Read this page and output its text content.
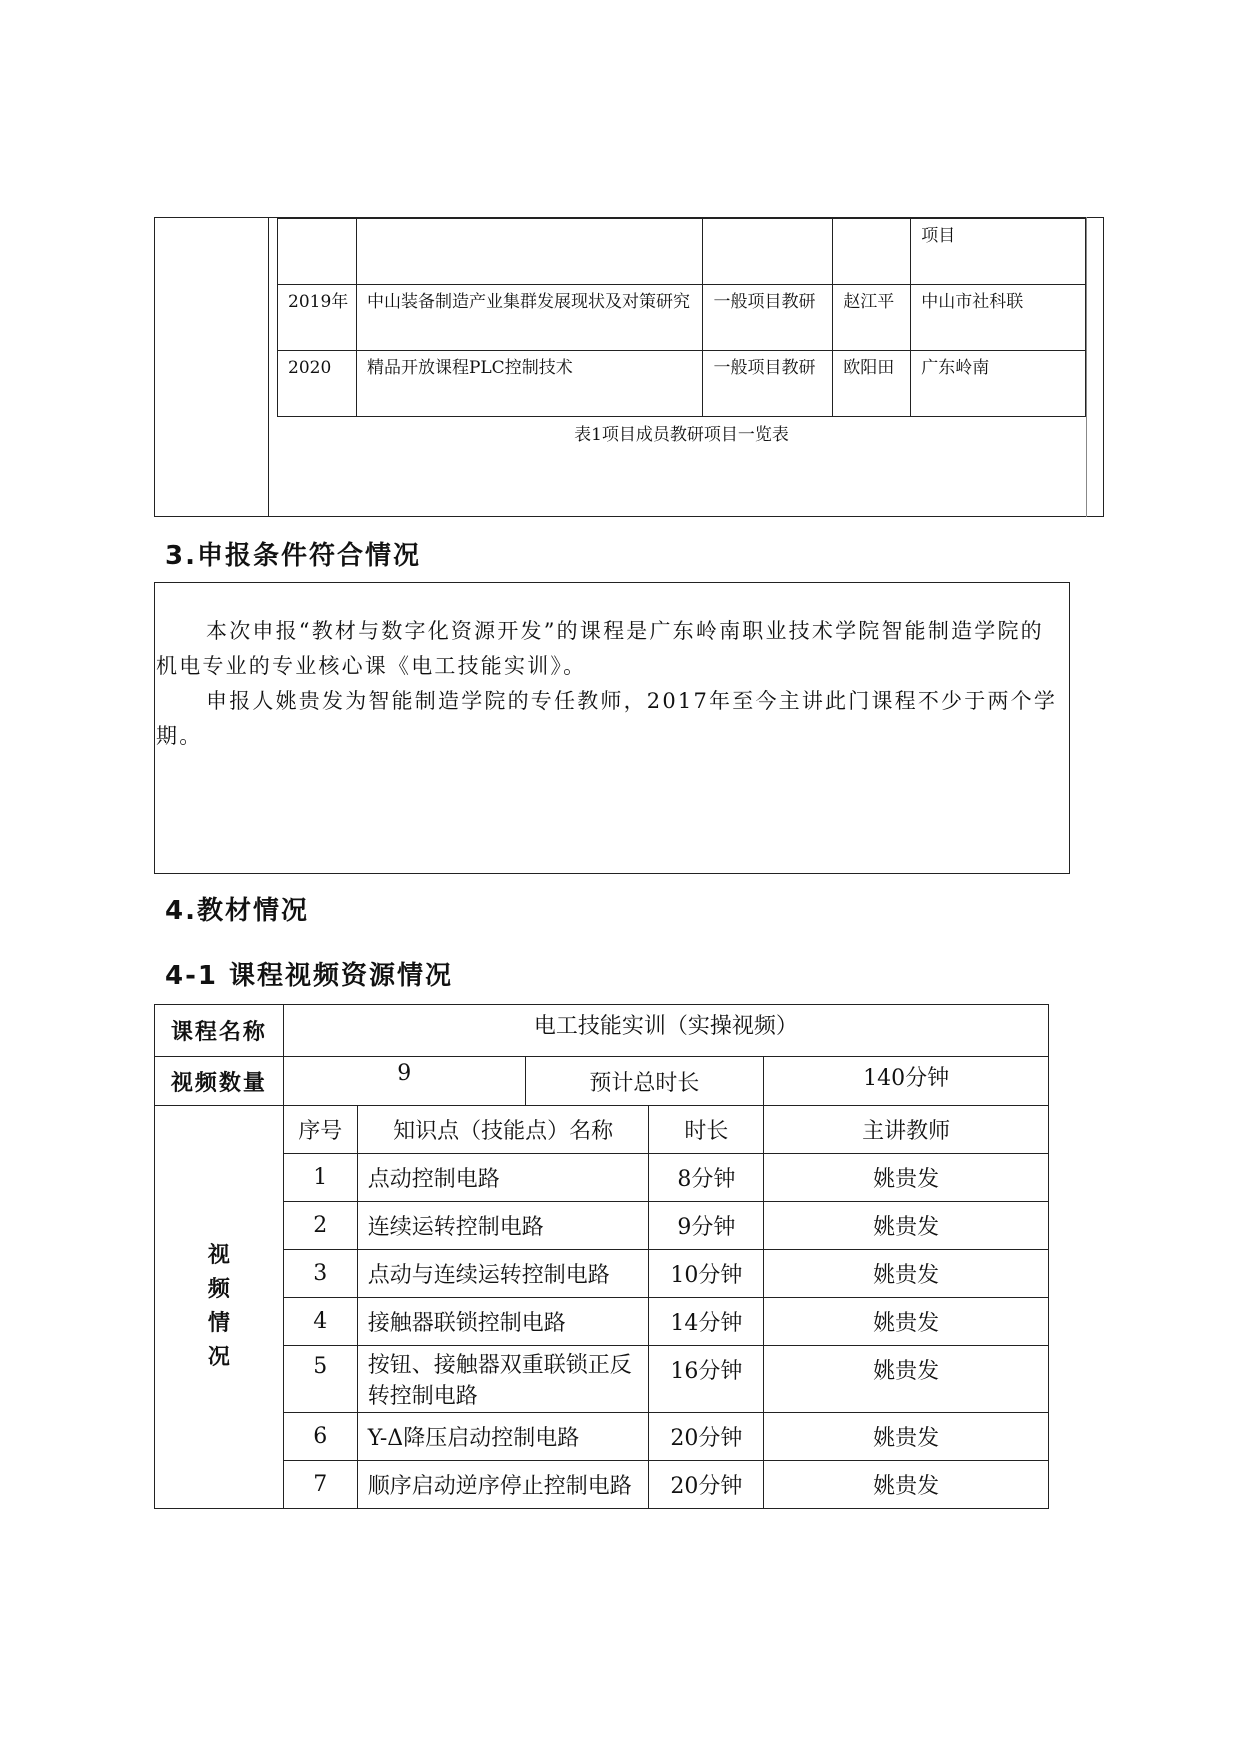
				项目
2019年	中山装备制造产业集群发展现状及对策研究	一般项目教研	赵江平	中山市社科联
2020	精品开放课程PLC控制技术	一般项目教研	欧阳田	广东岭南
表1项目成员教研项目一览表
3.申报条件符合情况

本次申报“教材与数字化资源开发”的课程是广东岭南职业技术学院智能制造学院的机电专业的专业核心课《电工技能实训》。

申报人姚贵发为智能制造学院的专任教师，2017年至今主讲此门课程不少于两个学期。

4.教材情况
4-1 课程视频资源情况
课程名称	电工技能实训（实操视频）				
视频数量	9		预计总时长		140分钟

视频情况	序号	知识点（技能点）名称		时长	主讲教师
	1	点动控制电路		8分钟	姚贵发
	2	连续运转控制电路		9分钟	姚贵发
	3	点动与连续运转控制电路		10分钟	姚贵发
	4	接触器联锁控制电路		14分钟	姚贵发
	5	按钮、接触器双重联锁正反转控制电路		16分钟	姚贵发
	6	Y-Δ降压启动控制电路		20分钟	姚贵发
	7	顺序启动逆序停止控制电路		20分钟	姚贵发
